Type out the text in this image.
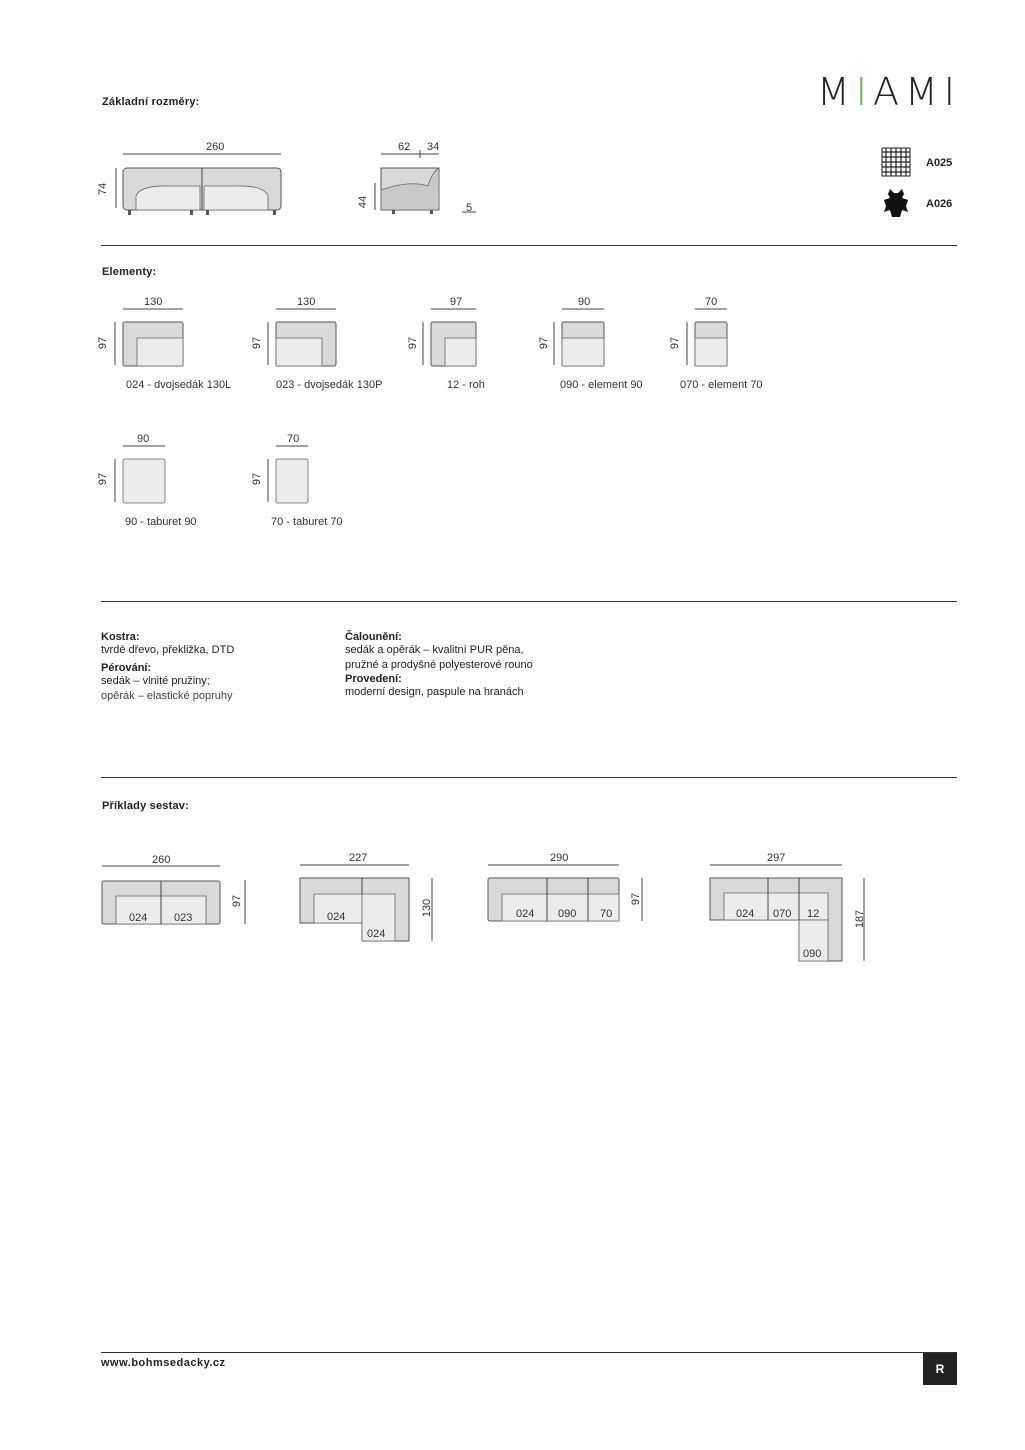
MIAMI
Základní rozměry:
260
74
62 34
44	5
A025
A026
Elementy:
130
97
024 - dvojsedák 130L
130
97
023 - dvojsedák 130P
97
97
12 - roh
90
97
090 - element 90
70
97
070 - element 70
90
97
90 - taburet 90
70
97
70 - taburet 70
Kostra:
tvrdé dřevo, překližka, DTD
Pérování:
sedák – vlnité pružiny;
opěrák – elastické popruhy
Čalounění:
sedák a opěrák – kvalitní PUR pěna,
pružné a prodyšné polyesterové rouno
Provedení:
moderní design, paspule na hranách
Příklady sestav:
260
97
024 023
227
130
024
024
290
97
024 090 70
297
187
024 070 12
090
www.bohmsedacky.cz	R
